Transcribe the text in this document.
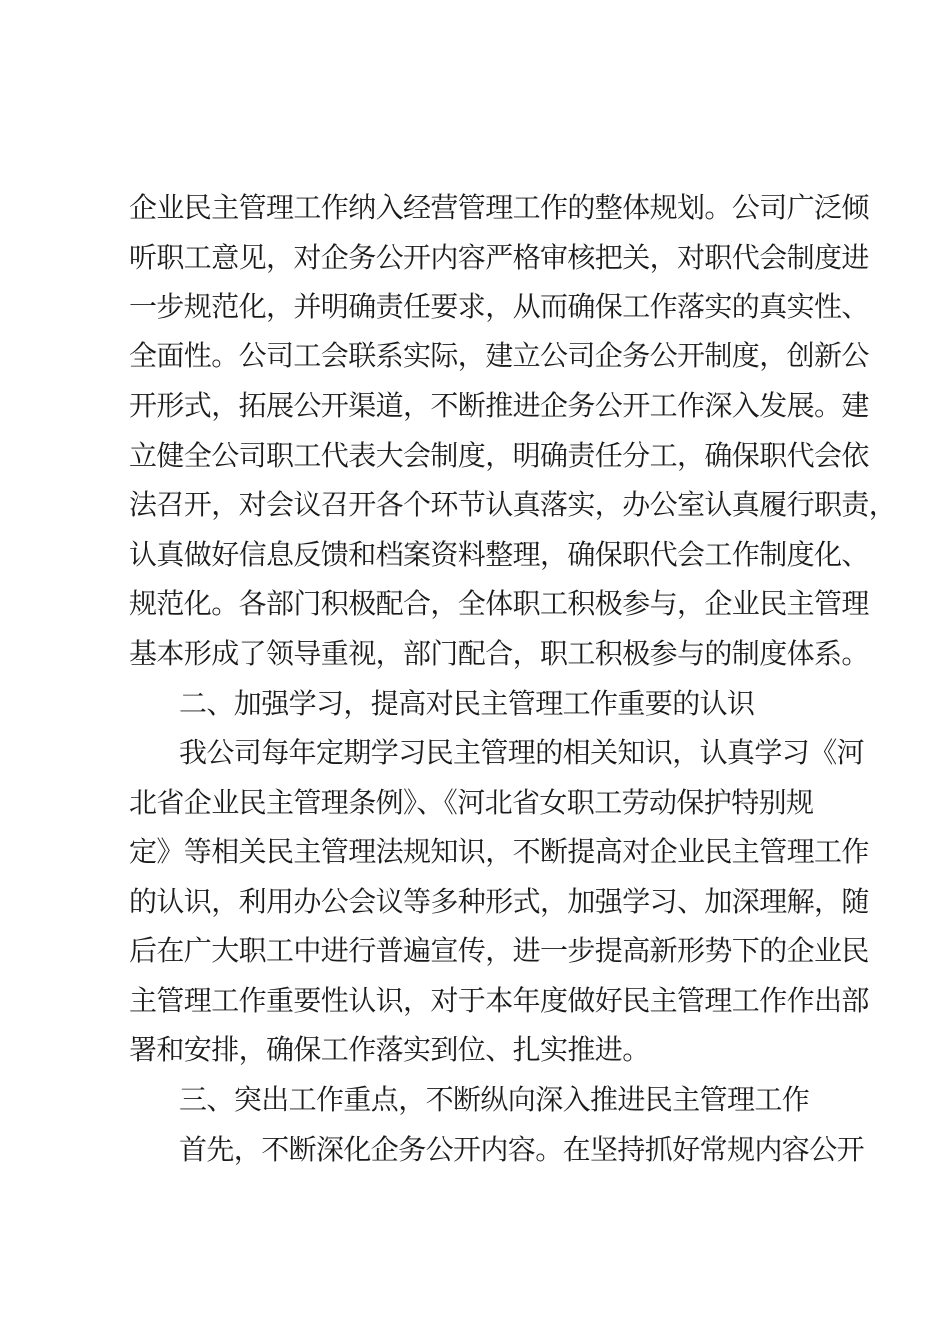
企业民主管理工作纳入经营管理工作的整体规划。公司广泛倾

听职工意见，对企务公开内容严格审核把关，对职代会制度进

一步规范化，并明确责任要求，从而确保工作落实的真实性、

全面性。公司工会联系实际，建立公司企务公开制度，创新公

开形式，拓展公开渠道，不断推进企务公开工作深入发展。建

立健全公司职工代表大会制度，明确责任分工，确保职代会依

法召开，对会议召开各个环节认真落实，办公室认真履行职责，

认真做好信息反馈和档案资料整理，确保职代会工作制度化、

规范化。各部门积极配合，全体职工积极参与，企业民主管理

基本形成了领导重视，部门配合，职工积极参与的制度体系。

二、加强学习，提高对民主管理工作重要的认识

我公司每年定期学习民主管理的相关知识，认真学习《河

北省企业民主管理条例》、《河北省女职工劳动保护特别规

定》等相关民主管理法规知识，不断提高对企业民主管理工作

的认识，利用办公会议等多种形式，加强学习、加深理解，随

后在广大职工中进行普遍宣传，进一步提高新形势下的企业民

主管理工作重要性认识，对于本年度做好民主管理工作作出部

署和安排，确保工作落实到位、扎实推进。

三、突出工作重点，不断纵向深入推进民主管理工作

首先，不断深化企务公开内容。在坚持抓好常规内容公开
